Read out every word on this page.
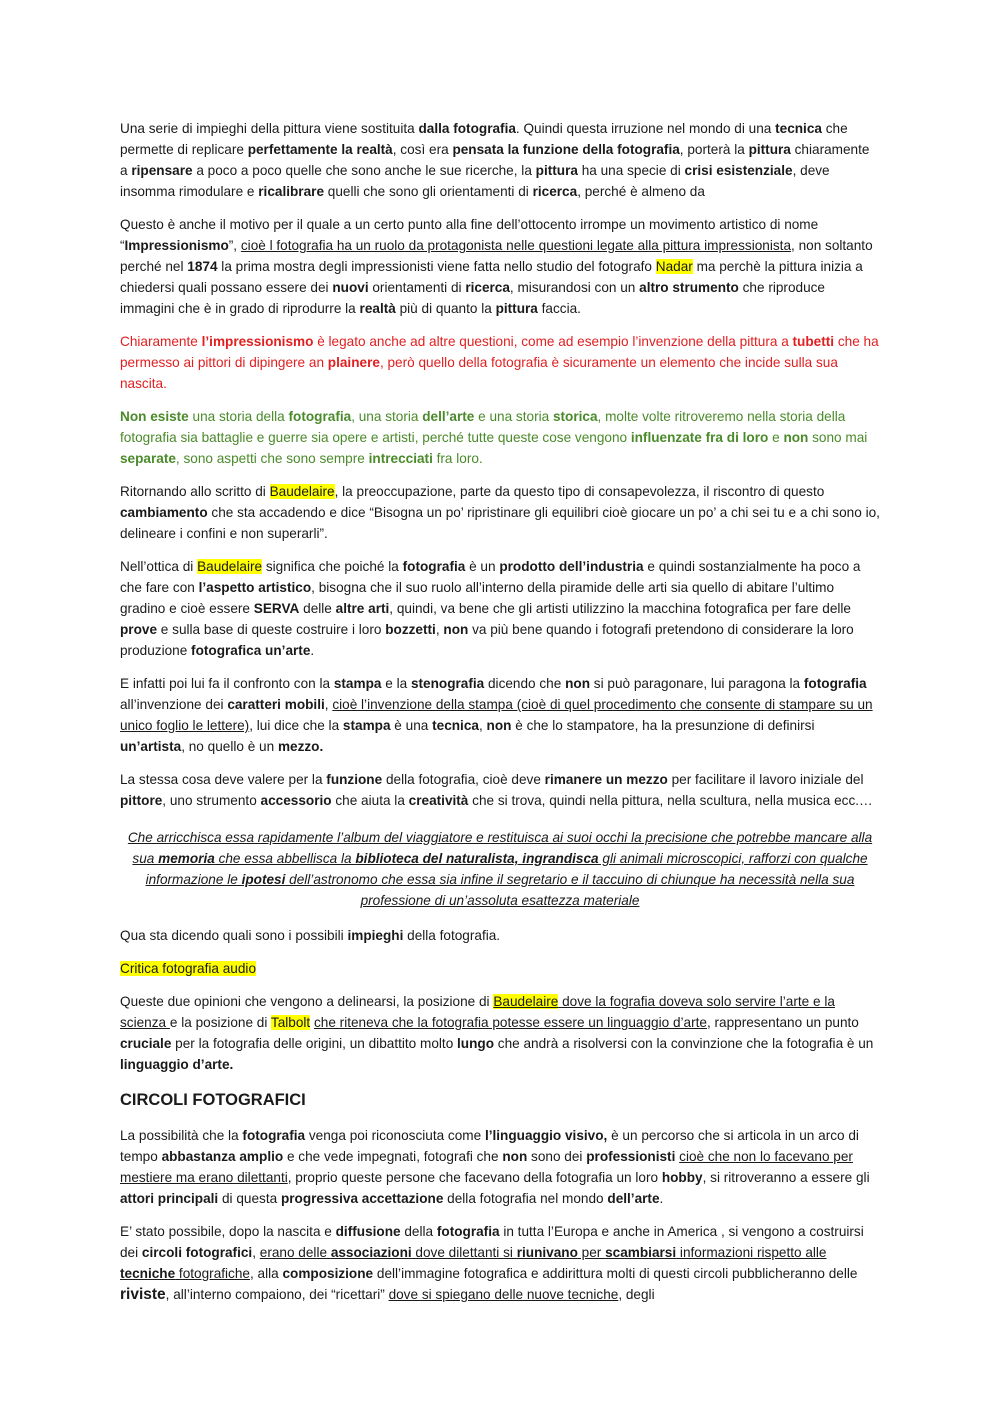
Una serie di impieghi della pittura viene sostituita dalla fotografia. Quindi questa irruzione nel mondo di una tecnica che permette di replicare perfettamente la realtà, così era pensata la funzione della fotografia, porterà la pittura chiaramente a ripensare a poco a poco quelle che sono anche le sue ricerche, la pittura ha una specie di crisi esistenziale, deve insomma rimodulare e ricalibrare quelli che sono gli orientamenti di ricerca, perché è almeno da

Questo è anche il motivo per il quale a un certo punto alla fine dell’ottocento irrompe un movimento artistico di nome “Impressionismo”, cioè l fotografia ha un ruolo da protagonista nelle questioni legate alla pittura impressionista, non soltanto perché nel 1874 la prima mostra degli impressionisti viene fatta nello studio del fotografo Nadar ma perchè la pittura inizia a chiedersi quali possano essere dei nuovi orientamenti di ricerca, misurandosi con un altro strumento che riproduce immagini che è in grado di riprodurre la realtà più di quanto la pittura faccia.

Chiaramente l’impressionismo è legato anche ad altre questioni, come ad esempio l’invenzione della pittura a tubetti che ha permesso ai pittori di dipingere an plainere, però quello della fotografia è sicuramente un elemento che incide sulla sua nascita.

Non esiste una storia della fotografia, una storia dell’arte e una storia storica, molte volte ritroveremo nella storia della fotografia sia battaglie e guerre sia opere e artisti, perché tutte queste cose vengono influenzate fra di loro e non sono mai separate, sono aspetti che sono sempre intrecciati fra loro.

Ritornando allo scritto di Baudelaire, la preoccupazione, parte da questo tipo di consapevolezza, il riscontro di questo cambiamento che sta accadendo e dice “Bisogna un po’ ripristinare gli equilibri cioè giocare un po’ a chi sei tu e a chi sono io, delineare i confini e non superarli”.

Nell’ottica di Baudelaire significa che poiché la fotografia è un prodotto dell’industria e quindi sostanzialmente ha poco a che fare con l’aspetto artistico, bisogna che il suo ruolo all’interno della piramide delle arti sia quello di abitare l’ultimo gradino e cioè essere SERVA delle altre arti, quindi, va bene che gli artisti utilizzino la macchina fotografica per fare delle prove e sulla base di queste costruire i loro bozzetti, non va più bene quando i fotografi pretendono di considerare la loro produzione fotografica un’arte.

E infatti poi lui fa il confronto con la stampa e la stenografia dicendo che non si può paragonare, lui paragona la fotografia all’invenzione dei caratteri mobili, cioè l’invenzione della stampa (cioè di quel procedimento che consente di stampare su un unico foglio le lettere), lui dice che la stampa è una tecnica, non è che lo stampatore, ha la presunzione di definirsi un’artista, no quello è un mezzo.

La stessa cosa deve valere per la funzione della fotografia, cioè deve rimanere un mezzo per facilitare il lavoro iniziale del pittore, uno strumento accessorio che aiuta la creatività che si trova, quindi nella pittura, nella scultura, nella musica ecc.…

Che arricchisca essa rapidamente l’album del viaggiatore e restituisca ai suoi occhi la precisione che potrebbe mancare alla sua memoria che essa abbellisca la biblioteca del naturalista, ingrandisca gli animali microscopici, rafforzi con qualche informazione le ipotesi dell’astronomo che essa sia infine il segretario e il taccuino di chiunque ha necessità nella sua professione di un’assoluta esattezza materiale

Qua sta dicendo quali sono i possibili impieghi della fotografia.

Critica fotografia audio

Queste due opinioni che vengono a delinearsi, la posizione di Baudelaire dove la fografia doveva solo servire l’arte e la scienza e la posizione di Talbolt che riteneva che la fotografia potesse essere un linguaggio d’arte, rappresentano un punto cruciale per la fotografia delle origini, un dibattito molto lungo che andrà a risolversi con la convinzione che la fotografia è un linguaggio d’arte.

CIRCOLI FOTOGRAFICI

La possibilità che la fotografia venga poi riconosciuta come l’linguaggio visivo, è un percorso che si articola in un arco di tempo abbastanza amplio e che vede impegnati, fotografi che non sono dei professionisti cioè che non lo facevano per mestiere ma erano dilettanti, proprio queste persone che facevano della fotografia un loro hobby, si ritroveranno a essere gli attori principali di questa progressiva accettazione della fotografia nel mondo dell’arte.

E’ stato possibile, dopo la nascita e diffusione della fotografia in tutta l’Europa e anche in America , si vengono a costruirsi dei circoli fotografici, erano delle associazioni dove dilettanti si riunivano per scambiarsi informazioni rispetto alle tecniche fotografiche, alla composizione dell’immagine fotografica e addirittura molti di questi circoli pubblicheranno delle riviste, all’interno compaiono, dei “ricettari” dove si spiegano delle nuove tecniche, degli
